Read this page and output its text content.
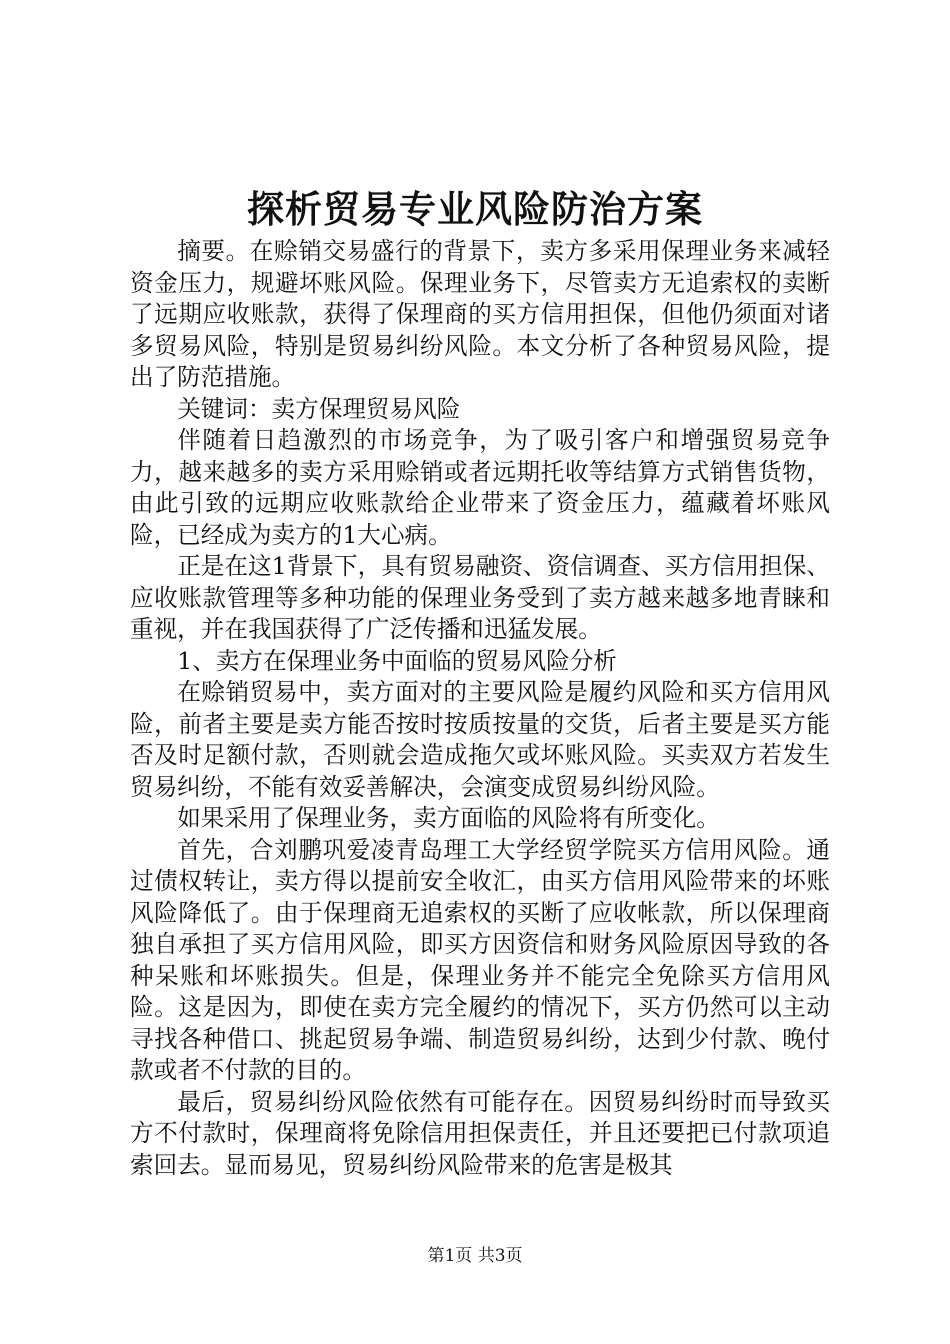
探析贸易专业风险防治方案

摘要。在赊销交易盛行的背景下，卖方多采用保理业务来减轻资金压力，规避坏账风险。保理业务下，尽管卖方无追索权的卖断了远期应收账款，获得了保理商的买方信用担保，但他仍须面对诸多贸易风险，特别是贸易纠纷风险。本文分析了各种贸易风险，提出了防范措施。

关键词：卖方保理贸易风险

伴随着日趋激烈的市场竞争，为了吸引客户和增强贸易竞争力，越来越多的卖方采用赊销或者远期托收等结算方式销售货物，由此引致的远期应收账款给企业带来了资金压力，蕴藏着坏账风险，已经成为卖方的1大心病。

正是在这1背景下，具有贸易融资、资信调查、买方信用担保、应收账款管理等多种功能的保理业务受到了卖方越来越多地青睐和重视，并在我国获得了广泛传播和迅猛发展。

1、卖方在保理业务中面临的贸易风险分析

在赊销贸易中，卖方面对的主要风险是履约风险和买方信用风险，前者主要是卖方能否按时按质按量的交货，后者主要是买方能否及时足额付款，否则就会造成拖欠或坏账风险。买卖双方若发生贸易纠纷，不能有效妥善解决，会演变成贸易纠纷风险。

如果采用了保理业务，卖方面临的风险将有所变化。

首先，合刘鹏巩爱凌青岛理工大学经贸学院买方信用风险。通过债权转让，卖方得以提前安全收汇，由买方信用风险带来的坏账风险降低了。由于保理商无追索权的买断了应收帐款，所以保理商独自承担了买方信用风险，即买方因资信和财务风险原因导致的各种呆账和坏账损失。但是，保理业务并不能完全免除买方信用风险。这是因为，即使在卖方完全履约的情况下，买方仍然可以主动寻找各种借口、挑起贸易争端、制造贸易纠纷，达到少付款、晚付款或者不付款的目的。

最后，贸易纠纷风险依然有可能存在。因贸易纠纷时而导致买方不付款时，保理商将免除信用担保责任，并且还要把已付款项追索回去。显而易见，贸易纠纷风险带来的危害是极其

第1页 共3页
